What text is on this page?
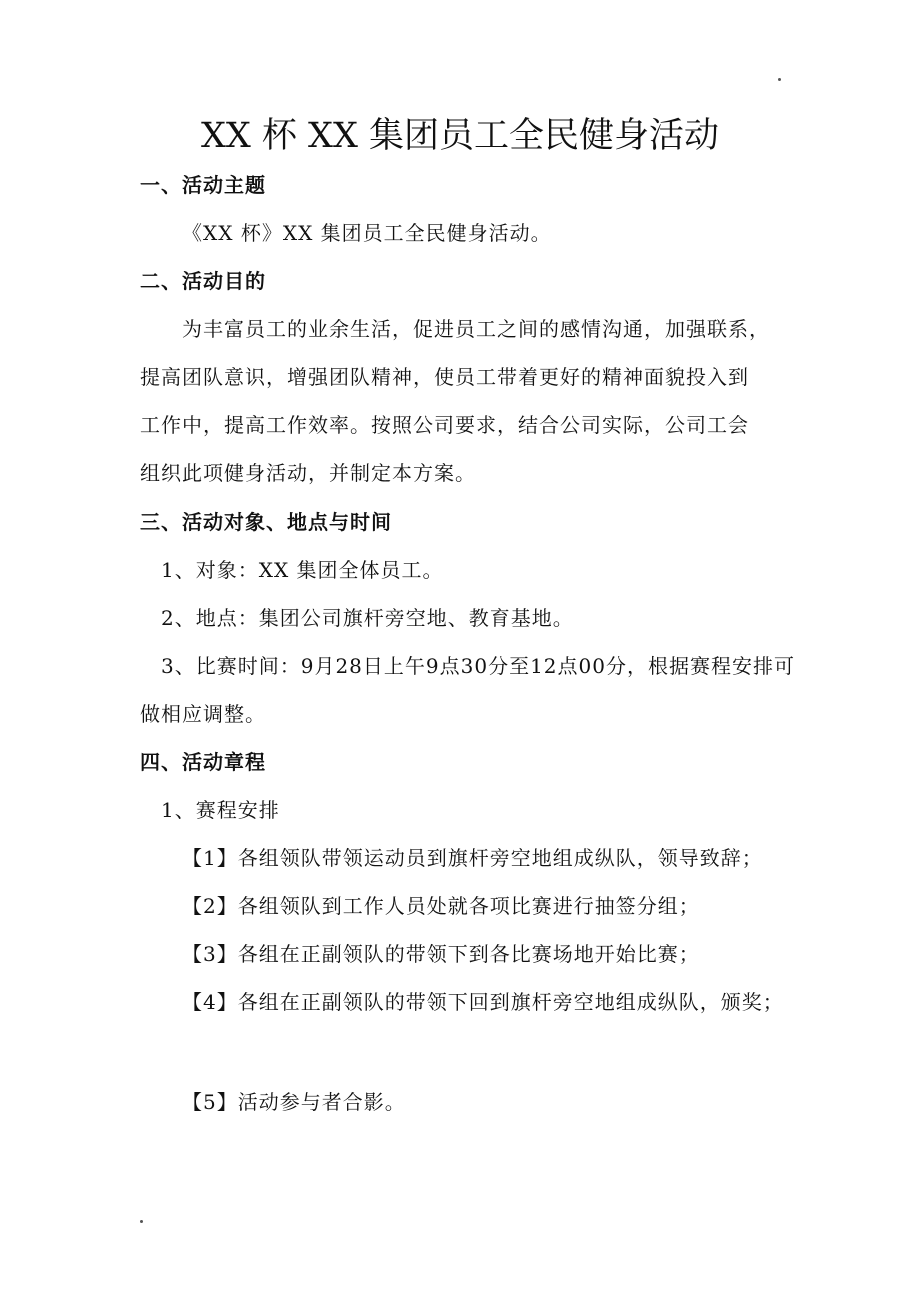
XX 杯 XX 集团员工全民健身活动
一、活动主题
《XX 杯》XX 集团员工全民健身活动。
二、活动目的
为丰富员工的业余生活，促进员工之间的感情沟通，加强联系，
提高团队意识，增强团队精神，使员工带着更好的精神面貌投入到
工作中，提高工作效率。按照公司要求，结合公司实际，公司工会
组织此项健身活动，并制定本方案。
三、活动对象、地点与时间
1、对象：XX 集团全体员工。
2、地点：集团公司旗杆旁空地、教育基地。
3、比赛时间：9月28日上午9点30分至12点00分，根据赛程安排可
做相应调整。
四、活动章程
1、赛程安排
【1】各组领队带领运动员到旗杆旁空地组成纵队，领导致辞；
【2】各组领队到工作人员处就各项比赛进行抽签分组；
【3】各组在正副领队的带领下到各比赛场地开始比赛；
【4】各组在正副领队的带领下回到旗杆旁空地组成纵队，颁奖；
【5】活动参与者合影。
